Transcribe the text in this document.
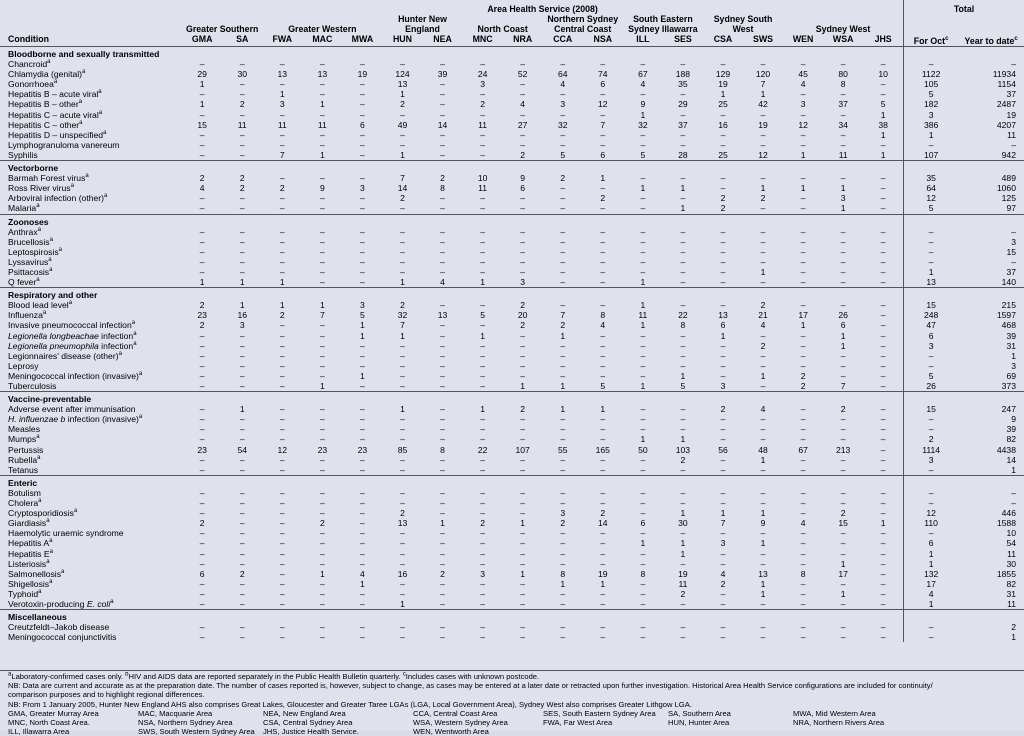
	Area Health Service (2008)																		Total	
	Greater Southern		Greater Western			Hunter New England		North Coast		Northern Sydney Central Coast		South Eastern Sydney Illawarra		Sydney South West		Sydney West			For Oct$^c$	Year to date$^c$
Condition	GMA	SA	FWA	MAC	MWA	HUN	NEA	MNC	NRA	CCA	NSA	ILL	SES	CSA	SWS	WEN	WSA	JHS		
Bloodborne and sexually transmitted																				
Chancroid$^a$	–	–	–	–	–	–	–	–	–	–	–	–	–	–	–	–	–	–	–	–
Chlamydia (genital)$^a$	29	30	13	13	19	124	39	24	52	64	74	67	188	129	120	45	80	10	1122	11934
Gonorrhoea$^a$	1	–	–	–	–	13	–	3	–	4	6	4	35	19	7	4	8	–	105	1154
Hepatitis B – acute viral$^a$	–	–	1	–	–	1	–	–	–	–	–	–	–	1	1	–	–	–	5	37
Hepatitis B – other$^a$	1	2	3	1	–	2	–	2	4	3	12	9	29	25	42	3	37	5	182	2487
Hepatitis C – acute viral$^a$	–	–	–	–	–	–	–	–	–	–	–	1	–	–	–	–	–	1	3	19
Hepatitis C – other$^a$	15	11	11	11	6	49	14	11	27	32	7	32	37	16	19	12	34	38	386	4207
Hepatitis D – unspecified$^a$	–	–	–	–	–	–	–	–	–	–	–	–	–	–	–	–	–	1	1	11
Lymphogranuloma vanereum	–	–	–	–	–	–	–	–	–	–	–	–	–	–	–	–	–	–	–	–
Syphilis	–	–	7	1	–	1	–	–	2	5	6	5	28	25	12	1	11	1	107	942
Vectorborne																				
Barmah Forest virus$^a$	2	2	–	–	–	7	2	10	9	2	1	–	–	–	–	–	–	–	35	489
Ross River virus$^a$	4	2	2	9	3	14	8	11	6	–	–	1	1	–	1	1	1	–	64	1060
Arboviral infection (other)$^a$	–	–	–	–	–	2	–	–	–	–	2	–	–	2	2	–	3	–	12	125
Malaria$^a$	–	–	–	–	–	–	–	–	–	–	–	–	1	2	–	–	1	–	5	97
Zoonoses																				
Anthrax$^a$	–	–	–	–	–	–	–	–	–	–	–	–	–	–	–	–	–	–	–	–
Brucellosis$^a$	–	–	–	–	–	–	–	–	–	–	–	–	–	–	–	–	–	–	–	3
Leptospirosis$^a$	–	–	–	–	–	–	–	–	–	–	–	–	–	–	–	–	–	–	–	15
Lyssavirus$^a$	–	–	–	–	–	–	–	–	–	–	–	–	–	–	–	–	–	–	–	–
Psittacosis$^a$	–	–	–	–	–	–	–	–	–	–	–	–	–	–	1	–	–	–	1	37
Q fever$^a$	1	1	1	–	–	1	4	1	3	–	–	1	–	–	–	–	–	–	13	140
Respiratory and other																				
Blood lead level$^a$	2	1	1	1	3	2	–	–	2	–	–	1	–	–	2	–	–	–	15	215
Influenza$^a$	23	16	2	7	5	32	13	5	20	7	8	11	22	13	21	17	26	–	248	1597
Invasive pneumococcal infection$^a$	2	3	–	–	1	7	–	–	2	2	4	1	8	6	4	1	6	–	47	468
Legionella longbeachae infection$^a$	–	–	–	–	1	1	–	1	–	1	–	–	–	1	–	–	1	–	6	39
Legionella pneumophila infection$^a$	–	–	–	–	–	–	–	–	–	–	–	–	–	–	2	–	1	–	3	31
Legionnaires' disease (other)$^a$	–	–	–	–	–	–	–	–	–	–	–	–	–	–	–	–	–	–	–	1
Leprosy	–	–	–	–	–	–	–	–	–	–	–	–	–	–	–	–	–	–	–	3
Meningococcal infection (invasive)$^a$	–	–	–	–	1	–	–	–	–	–	–	–	1	–	1	2	–	–	5	69
Tuberculosis	–	–	–	1	–	–	–	–	1	1	5	1	5	3	–	2	7	–	26	373
Vaccine-preventable																				
Adverse event after immunisation	–	1	–	–	–	1	–	1	2	1	1	–	–	2	4	–	2	–	15	247
H. influenzae b infection (invasive)$^a$	–	–	–	–	–	–	–	–	–	–	–	–	–	–	–	–	–	–	–	9
Measles	–	–	–	–	–	–	–	–	–	–	–	–	–	–	–	–	–	–	–	39
Mumps$^a$	–	–	–	–	–	–	–	–	–	–	–	1	1	–	–	–	–	–	2	82
Pertussis	23	54	12	23	23	85	8	22	107	55	165	50	103	56	48	67	213	–	1114	4438
Rubella$^a$	–	–	–	–	–	–	–	–	–	–	–	–	2	–	1	–	–	–	3	14
Tetanus	–	–	–	–	–	–	–	–	–	–	–	–	–	–	–	–	–	–	–	1
Enteric																				
Botulism	–	–	–	–	–	–	–	–	–	–	–	–	–	–	–	–	–	–	–	–
Cholera$^a$	–	–	–	–	–	–	–	–	–	–	–	–	–	–	–	–	–	–	–	–
Cryptosporidiosis$^a$	–	–	–	–	–	2	–	–	–	3	2	–	1	1	1	–	2	–	12	446
Giardiasis$^a$	2	–	–	2	–	13	1	2	1	2	14	6	30	7	9	4	15	1	110	1588
Haemolytic uraemic syndrome	–	–	–	–	–	–	–	–	–	–	–	–	–	–	–	–	–	–	–	10
Hepatitis $A^a$	–	–	–	–	–	–	–	–	–	–	–	1	1	3	1	–	–	–	6	54
Hepatitis $E^a$	–	–	–	–	–	–	–	–	–	–	–	–	1	–	–	–	–	–	1	11
Listeriosis$^a$	–	–	–	–	–	–	–	–	–	–	–	–	–	–	–	–	1	–	1	30
Salmonellosis$^a$	6	2	–	1	4	16	2	3	1	8	19	8	19	4	13	8	17	–	132	1855
Shigellosis$^a$	–	–	–	–	1	–	–	–	–	1	1	–	11	2	1	–	–	–	17	82
Typhoid$^a$	–	–	–	–	–	–	–	–	–	–	–	–	2	–	1	–	1	–	4	31
Verotoxin-producing E. coli$^a$	–	–	–	–	–	1	–	–	–	–	–	–	–	–	–	–	–	–	1	11
Miscellaneous																				
Creutzfeldt–Jakob disease	–	–	–	–	–	–	–	–	–	–	–	–	–	–	–	–	–	–	–	2
Meningococcal conjunctivitis	–	–	–	–	–	–	–	–	–	–	–	–	–	–	–	–	–	–	–	1

$^a$Laboratory-confirmed cases only. $^b$HIV and AIDS data are reported separately in the Public Health Bulletin quarterly. $^c$Includes cases with unknown postcode.

NB: Data are current and accurate as at the preparation date. The number of cases reported is, however, subject to change, as cases may be entered at a later date or retracted upon further investigation. Historical Area Health Service configurations are included for continuity/

comparison purposes and to highlight regional differences.

NB: From 1 January 2005, Hunter New England AHS also comprises Great Lakes, Gloucester and Greater Taree LGAs (LGA, Local Government Area), Sydney West also comprises Greater Lithgow LGA.

GMA, Greater Murray Area	MAC, Macquarie Area	NEA, New England Area	CCA, Central Coast Area	SES, South Eastern Sydney Area	SA, Southern Area	MWA, Mid Western Area
MNC, North Coast Area.	NSA, Northern Sydney Area	CSA, Central Sydney Area	WSA, Western Sydney Area	FWA, Far West Area	HUN, Hunter Area	NRA, Northern Rivers Area
ILL, Illawarra Area	SWS, South Western Sydney Area	JHS, Justice Health Service.	WEN, Wentworth Area
